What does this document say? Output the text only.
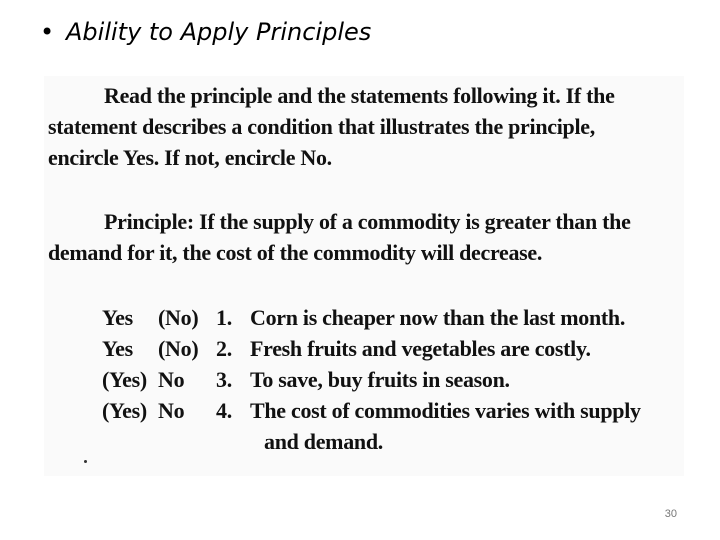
• Ability to Apply Principles
Read the principle and the statements following it. If the
statement describes a condition that illustrates the principle,
encircle Yes. If not, encircle No.
Principle: If the supply of a commodity is greater than the
demand for it, the cost of the commodity will decrease.
Yes	(No) 1. Corn is cheaper now than the last month.
Yes	(No) 2. Fresh fruits and vegetables are costly.
(Yes) No	3. To save, buy fruits in season.
(Yes) No	4. The cost of commodities varies with supply
and demand.
30
